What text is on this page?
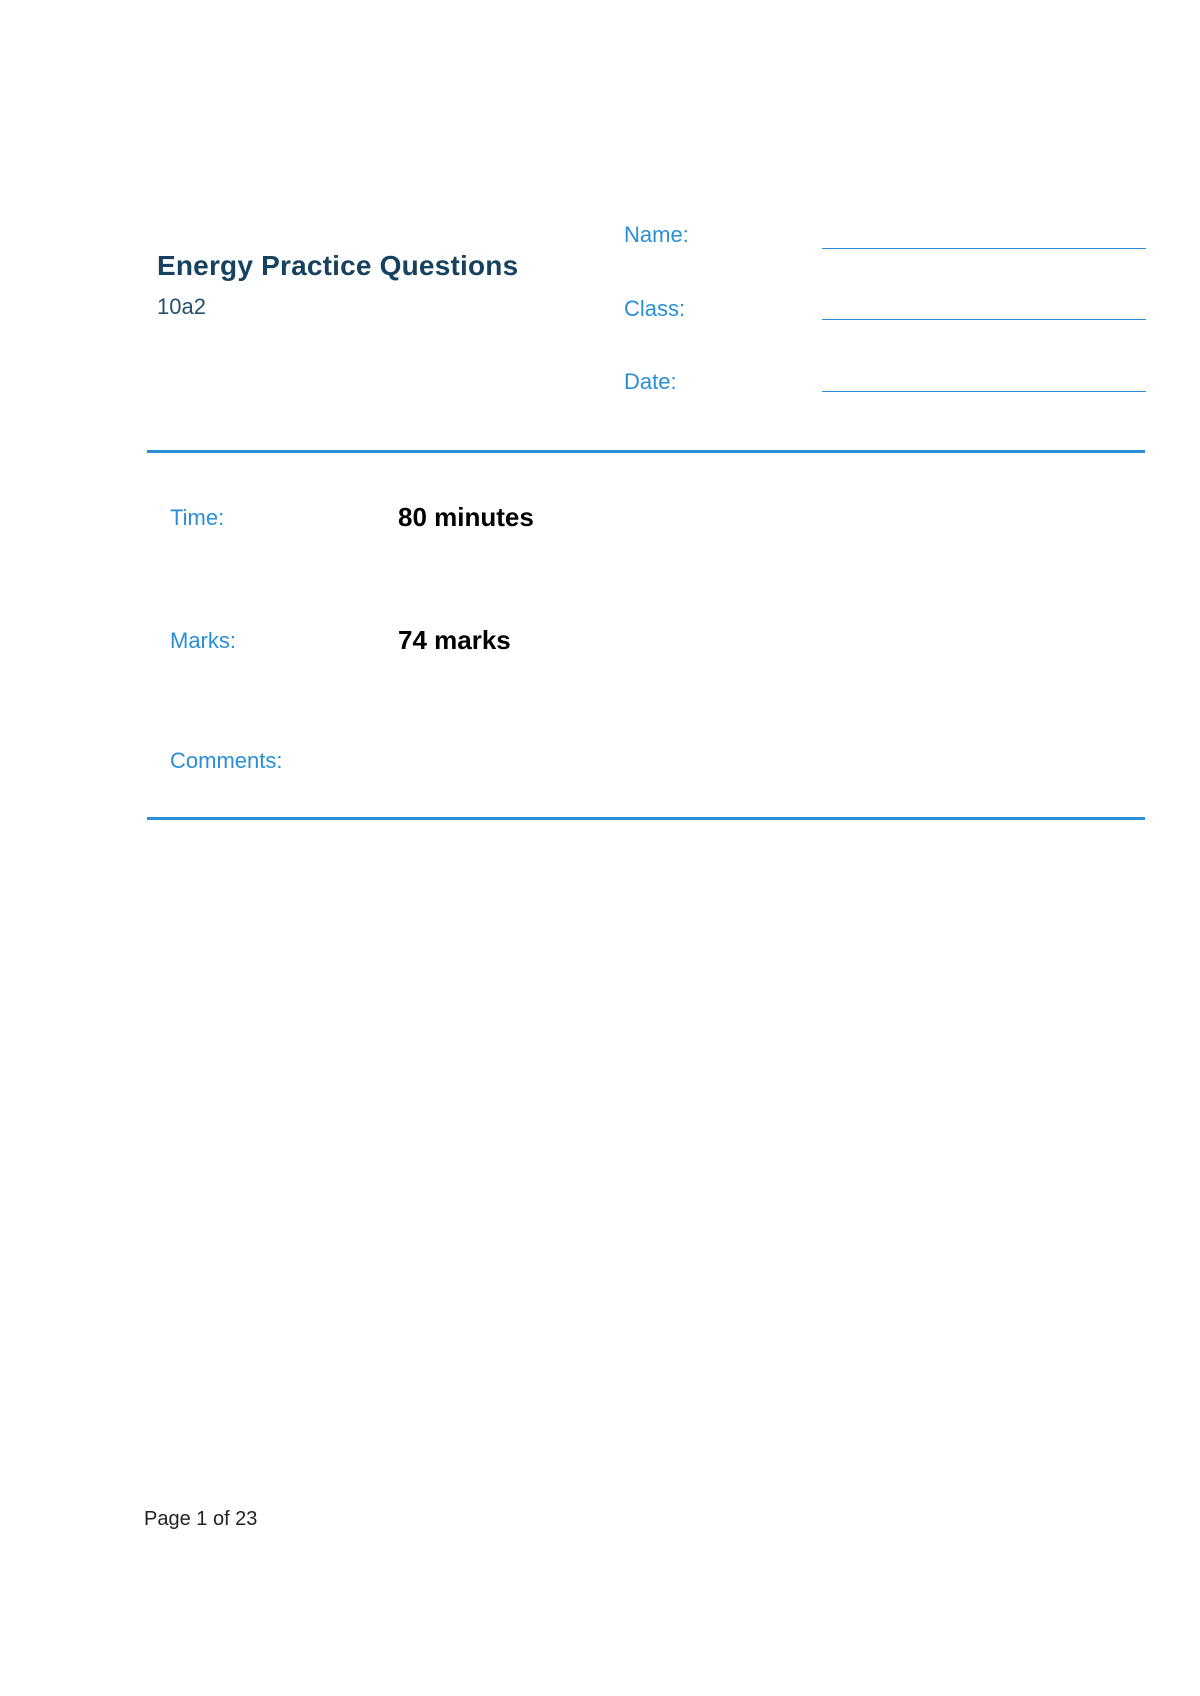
Energy Practice Questions
10a2
Name:
Class:
Date:
Time:	80 minutes
Marks:	74 marks
Comments:
Page 1 of 23
